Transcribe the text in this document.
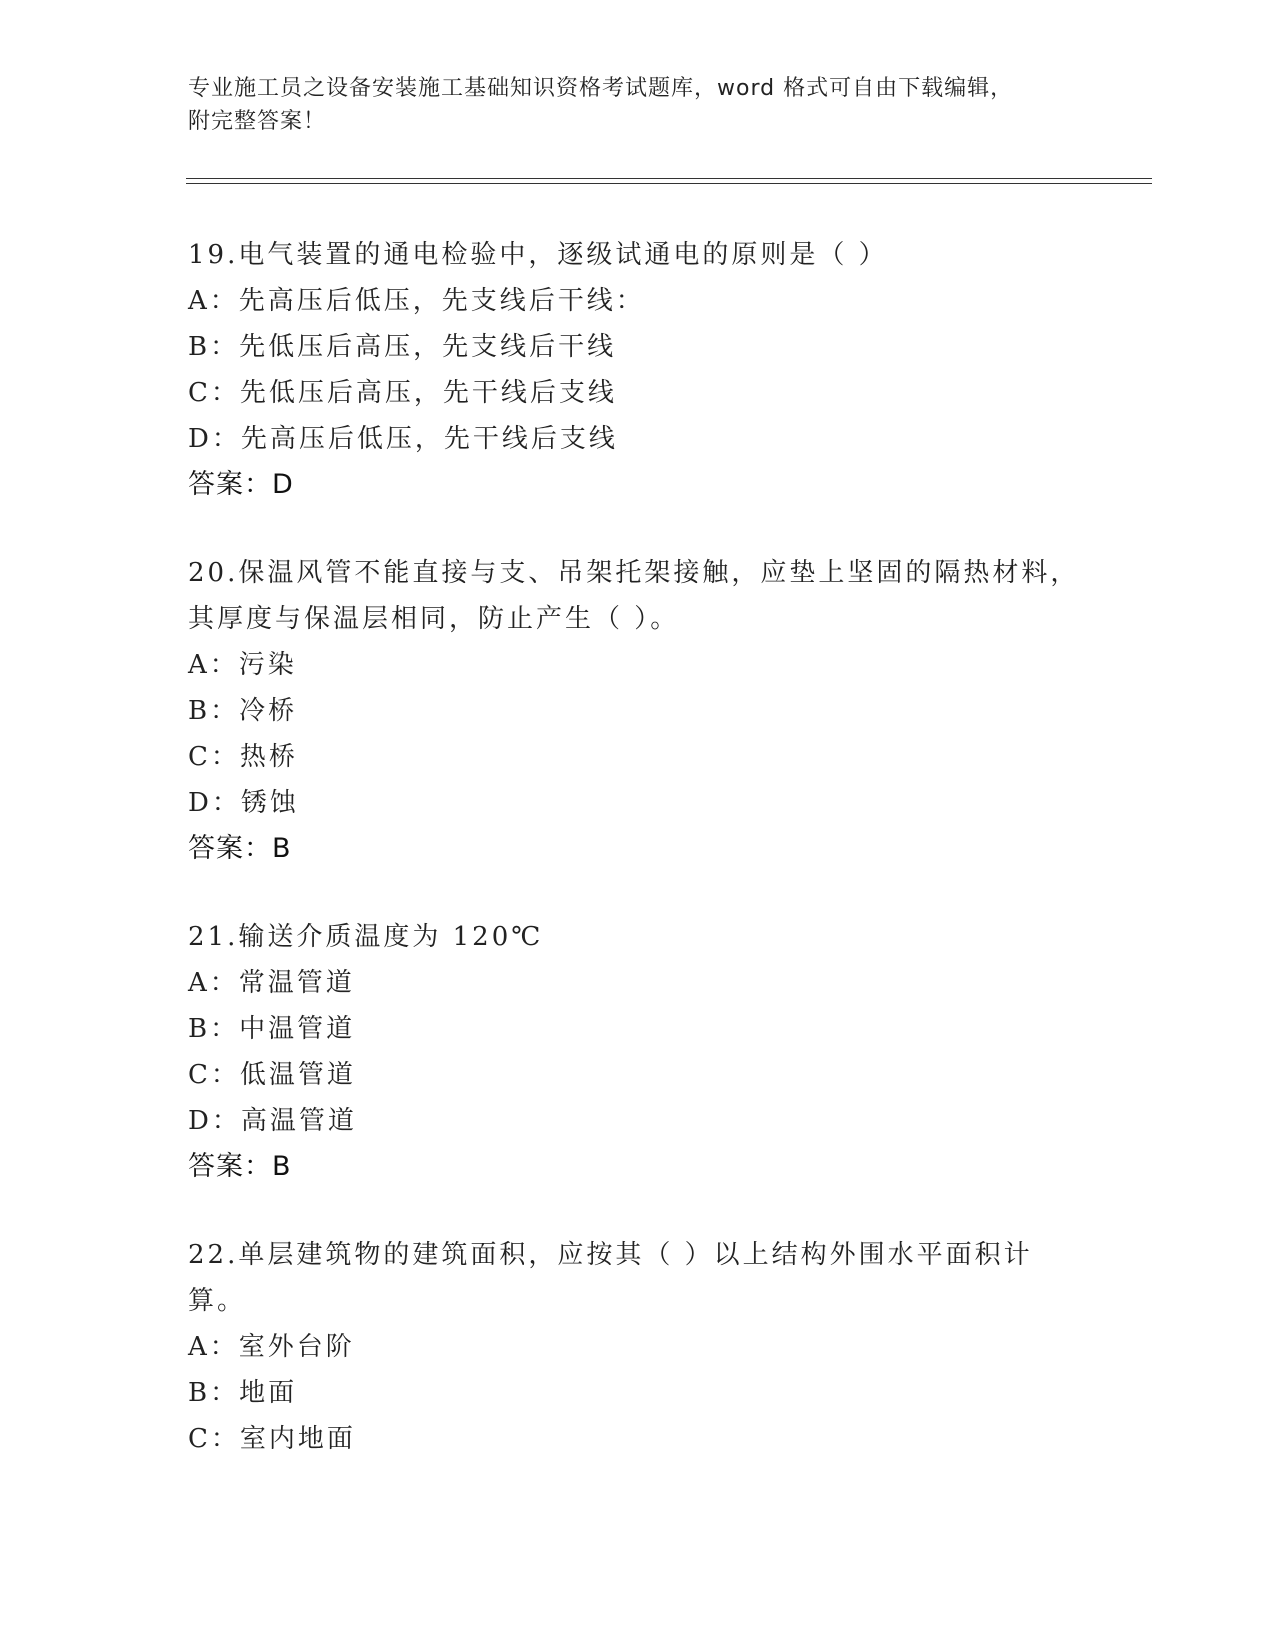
专业施工员之设备安装施工基础知识资格考试题库，word 格式可自由下载编辑，
附完整答案！
19.电气装置的通电检验中，逐级试通电的原则是（ ）
A：先高压后低压，先支线后干线：
B：先低压后高压，先支线后干线
C：先低压后高压，先干线后支线
D：先高压后低压，先干线后支线
答案：D
20.保温风管不能直接与支、吊架托架接触，应垫上坚固的隔热材料，其厚度与保温层相同，防止产生（ ）。
A：污染
B：冷桥
C：热桥
D：锈蚀
答案：B
21.输送介质温度为 120℃
A：常温管道
B：中温管道
C：低温管道
D：高温管道
答案：B
22.单层建筑物的建筑面积，应按其（ ）以上结构外围水平面积计算。
A：室外台阶
B：地面
C：室内地面
